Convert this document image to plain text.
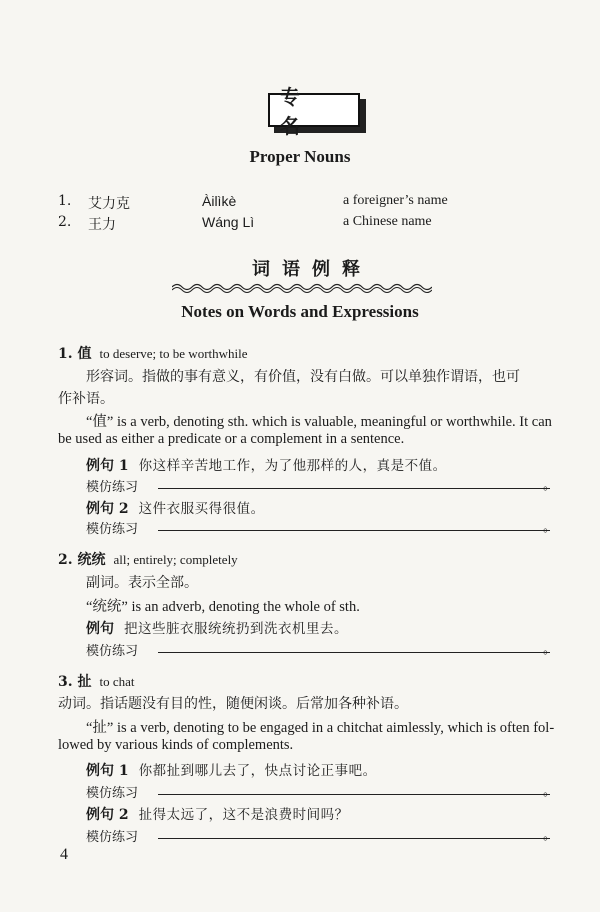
专 名
Proper Nouns
1. 艾力克	Àilìkè	a foreigner’s name
2. 王力	Wáng Lì	a Chinese name
词语例释
Notes on Words and Expressions
1. 值 to deserve; to be worthwhile
形容词。指做的事有意义，有价值，没有白做。可以单独作谓语，也可
作补语。
“值” is a verb, denoting sth. which is valuable, meaningful or worthwhile. It can
be used as either a predicate or a complement in a sentence.
例句 1 你这样辛苦地工作，为了他那样的人，真是不值。
模仿练习	。
例句 2 这件衣服买得很值。
模仿练习	。
2. 统统 all; entirely; completely
副词。表示全部。
“统统” is an adverb, denoting the whole of sth.
例句 把这些脏衣服统统扔到洗衣机里去。
模仿练习	。
3. 扯 to chat
动词。指话题没有目的性，随便闲谈。后常加各种补语。
“扯” is a verb, denoting to be engaged in a chitchat aimlessly, which is often fol-
lowed by various kinds of complements.
例句 1 你都扯到哪儿去了，快点讨论正事吧。
模仿练习	。
例句 2 扯得太远了，这不是浪费时间吗？
模仿练习	。
4
